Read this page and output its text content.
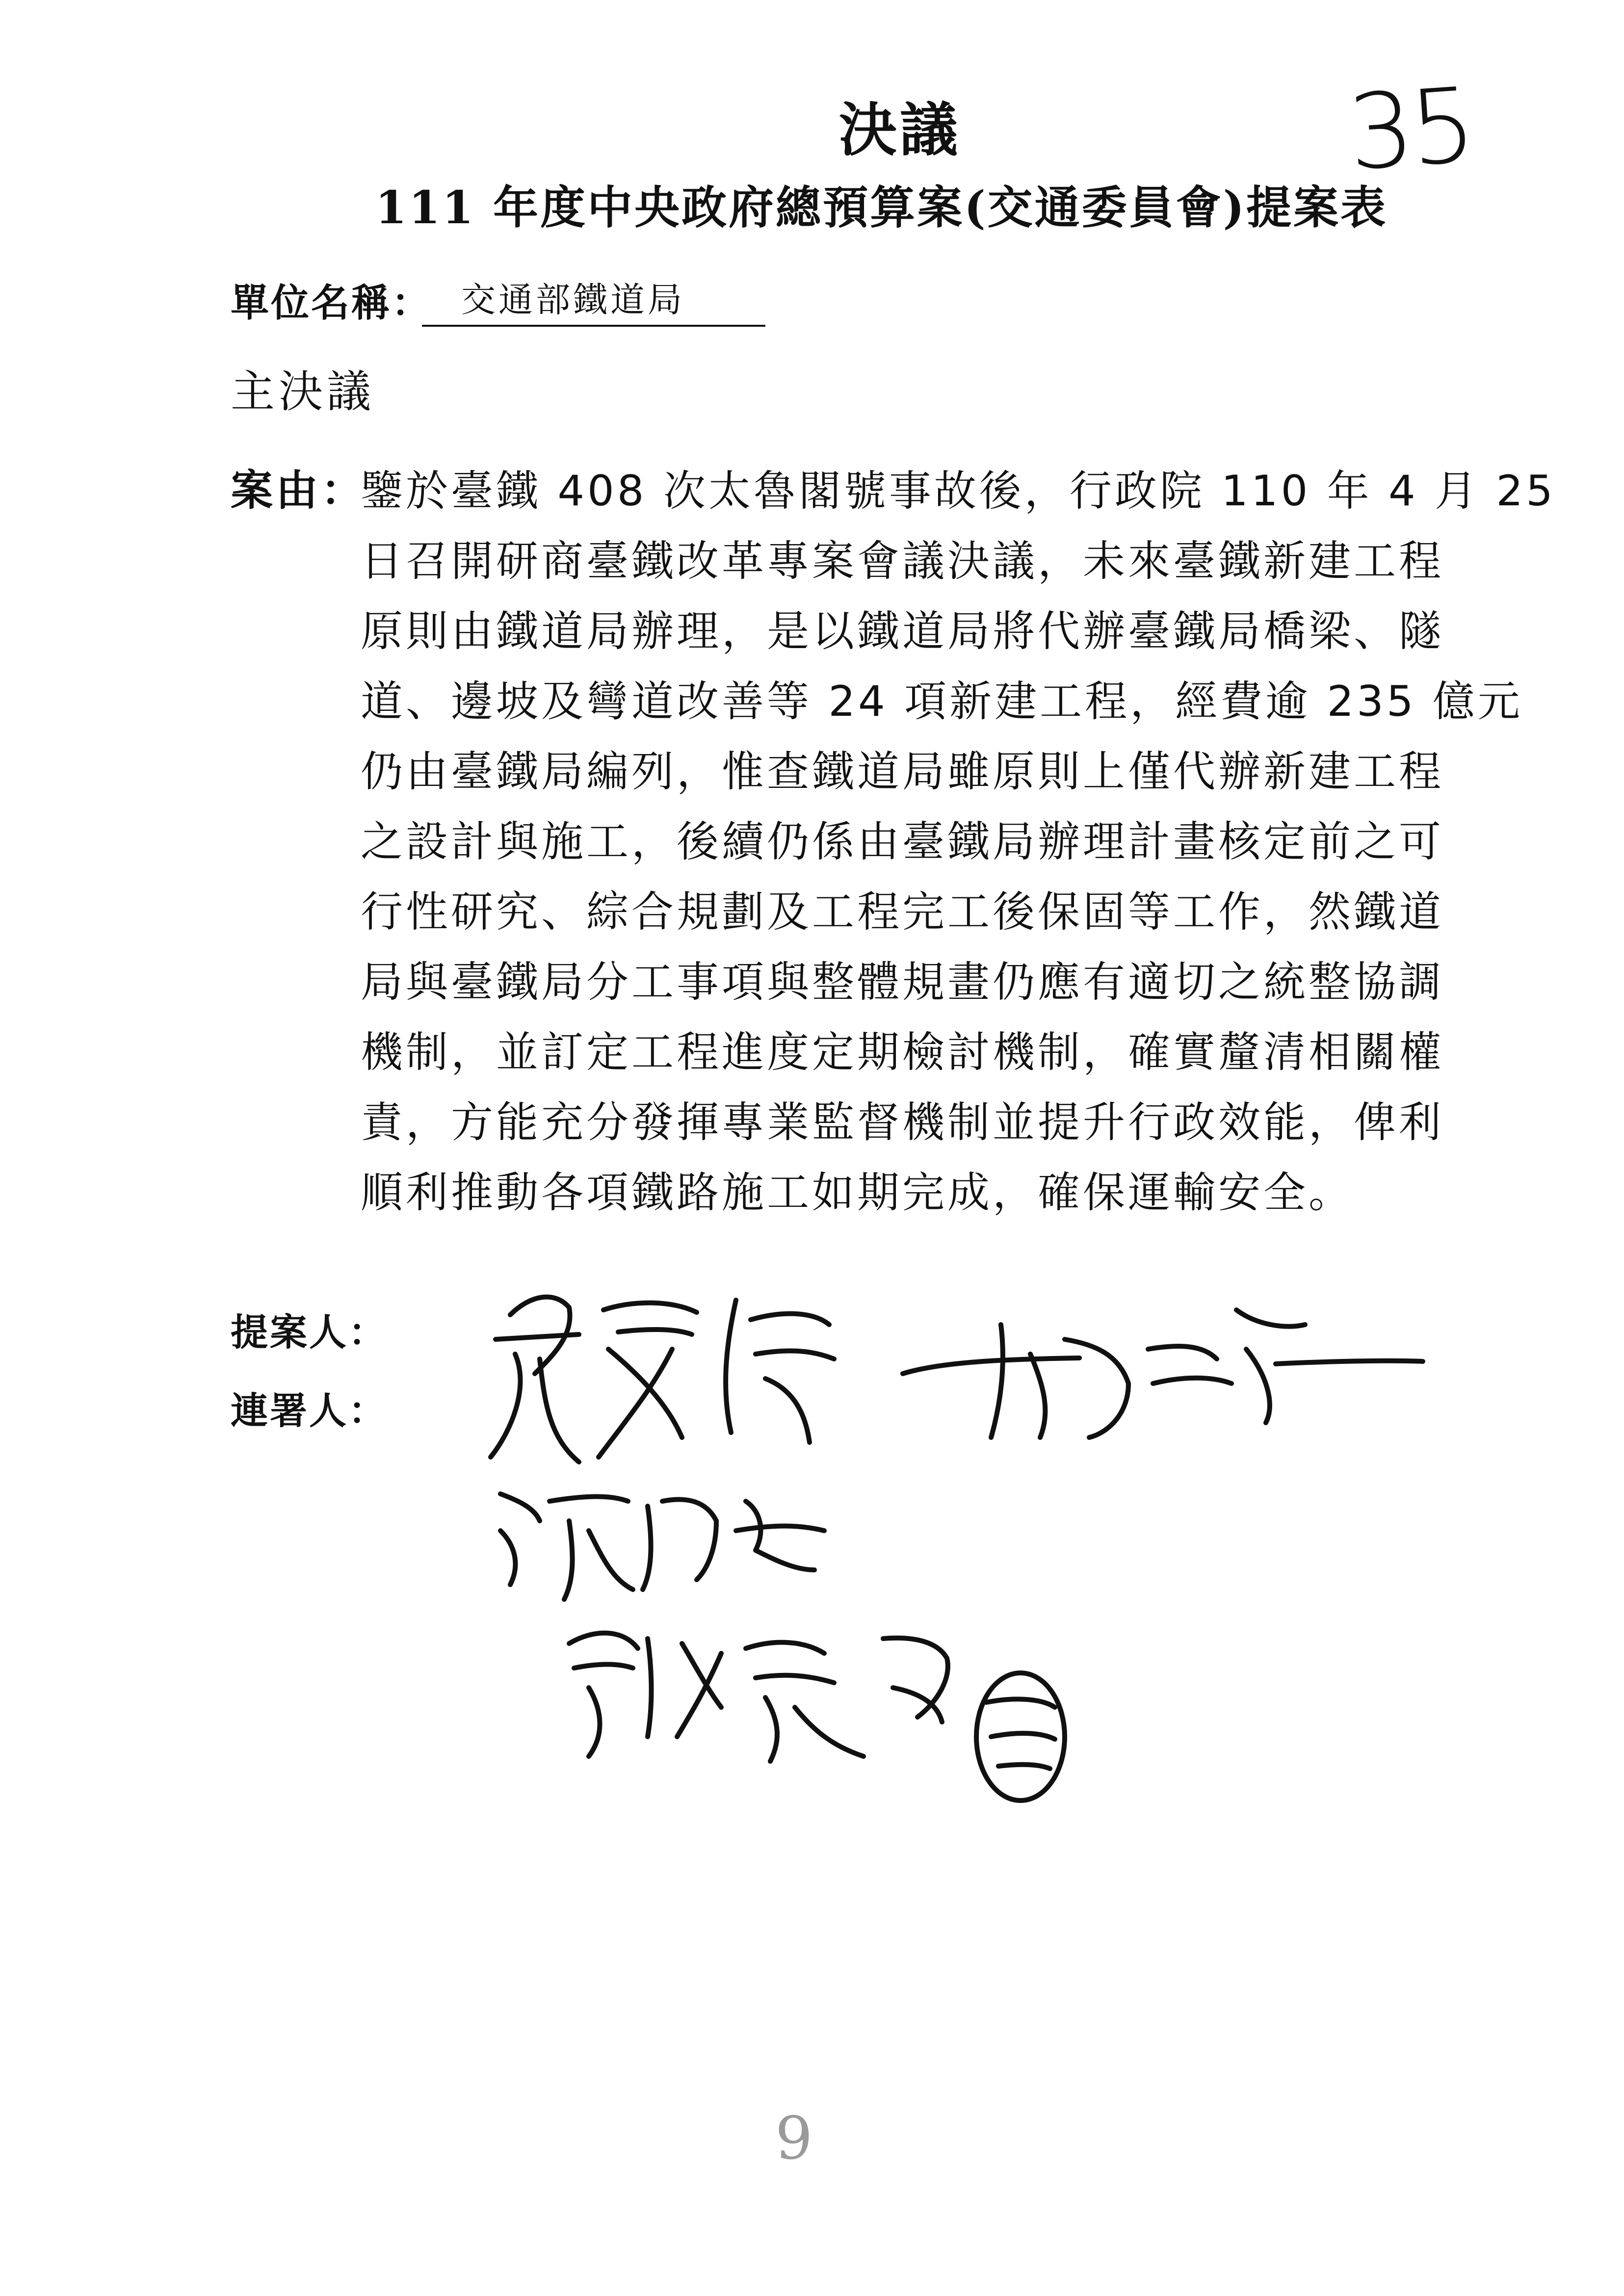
決議	35
111 年度中央政府總預算案(交通委員會)提案表
單位名稱： 交通部鐵道局
主決議
案由：
鑒於臺鐵 408 次太魯閣號事故後，行政院 110 年 4 月 25
日召開研商臺鐵改革專案會議決議，未來臺鐵新建工程
原則由鐵道局辦理，是以鐵道局將代辦臺鐵局橋梁、隧
道、邊坡及彎道改善等 24 項新建工程，經費逾 235 億元
仍由臺鐵局編列，惟查鐵道局雖原則上僅代辦新建工程
之設計與施工，後續仍係由臺鐵局辦理計畫核定前之可
行性研究、綜合規劃及工程完工後保固等工作，然鐵道
局與臺鐵局分工事項與整體規畫仍應有適切之統整協調
機制，並訂定工程進度定期檢討機制，確實釐清相關權
責，方能充分發揮專業監督機制並提升行政效能，俾利
順利推動各項鐵路施工如期完成，確保運輸安全。
提案人：
連署人：
9
